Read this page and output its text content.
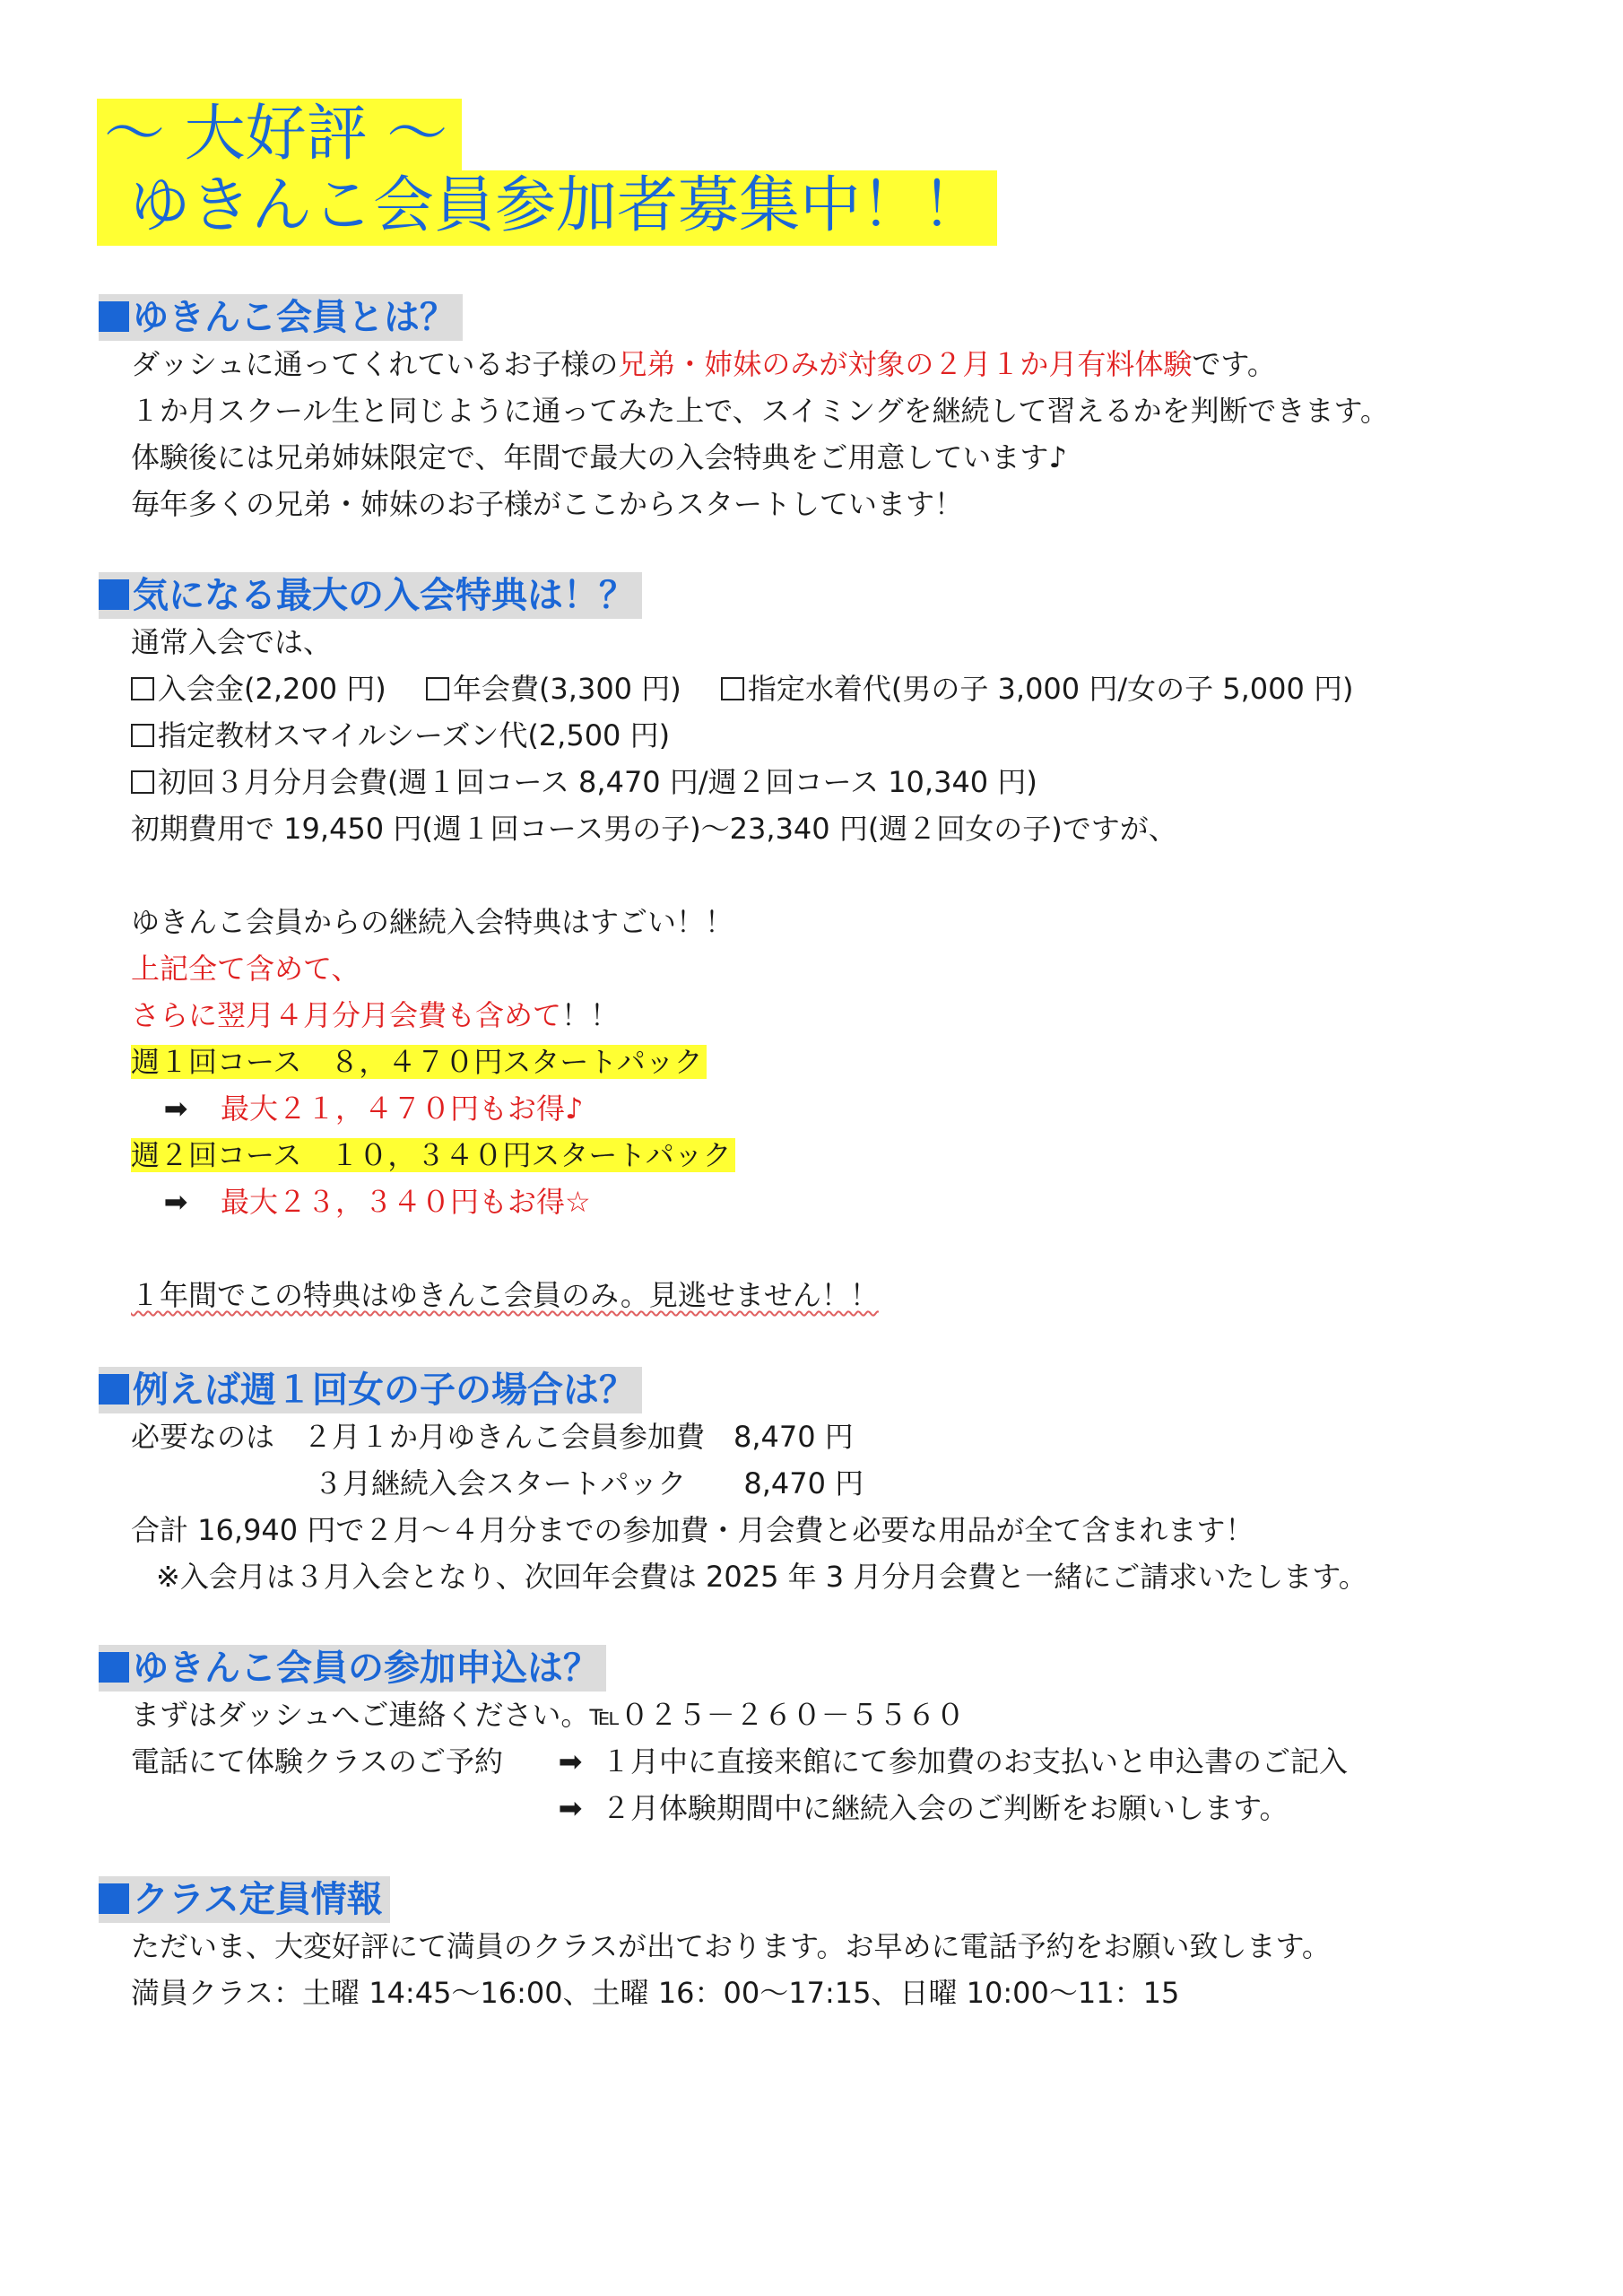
～ 大好評 ～
ゆきんこ会員参加者募集中！！
ゆきんこ会員とは？
ダッシュに通ってくれているお子様の兄弟・姉妹のみが対象の２月１か月有料体験です。
１か月スクール生と同じように通ってみた上で、スイミングを継続して習えるかを判断できます。
体験後には兄弟姉妹限定で、年間で最大の入会特典をご用意しています♪
毎年多くの兄弟・姉妹のお子様がここからスタートしています！
気になる最大の入会特典は！？
通常入会では、
入会金(2,200 円) 年会費(3,300 円) 指定水着代(男の子 3,000 円/女の子 5,000 円)
指定教材スマイルシーズン代(2,500 円)
初回３月分月会費(週１回コース 8,470 円/週２回コース 10,340 円)
初期費用で 19,450 円(週１回コース男の子)～23,340 円(週２回女の子)ですが、
ゆきんこ会員からの継続入会特典はすごい！！
上記全て含めて、
さらに翌月４月分月会費も含めて！！
週１回コース　８，４７０円スタートパック
➡ 最大２１，４７０円もお得♪
週２回コース　１０，３４０円スタートパック
➡ 最大２３，３４０円もお得☆
１年間でこの特典はゆきんこ会員のみ。見逃せません！！
例えば週１回女の子の場合は？
必要なのは　２月１か月ゆきんこ会員参加費　8,470 円
３月継続入会スタートパック　　8,470 円
合計 16,940 円で２月～４月分までの参加費・月会費と必要な用品が全て含まれます！
※入会月は３月入会となり、次回年会費は 2025 年 3 月分月会費と一緒にご請求いたします。
ゆきんこ会員の参加申込は？
まずはダッシュへご連絡ください。℡０２５－２６０－５５６０
電話にて体験クラスのご予約 ➡ １月中に直接来館にて参加費のお支払いと申込書のご記入
➡ ２月体験期間中に継続入会のご判断をお願いします。
クラス定員情報
ただいま、大変好評にて満員のクラスが出ております。お早めに電話予約をお願い致します。
満員クラス：土曜 14:45～16:00、土曜 16：00～17:15、日曜 10:00～11：15
